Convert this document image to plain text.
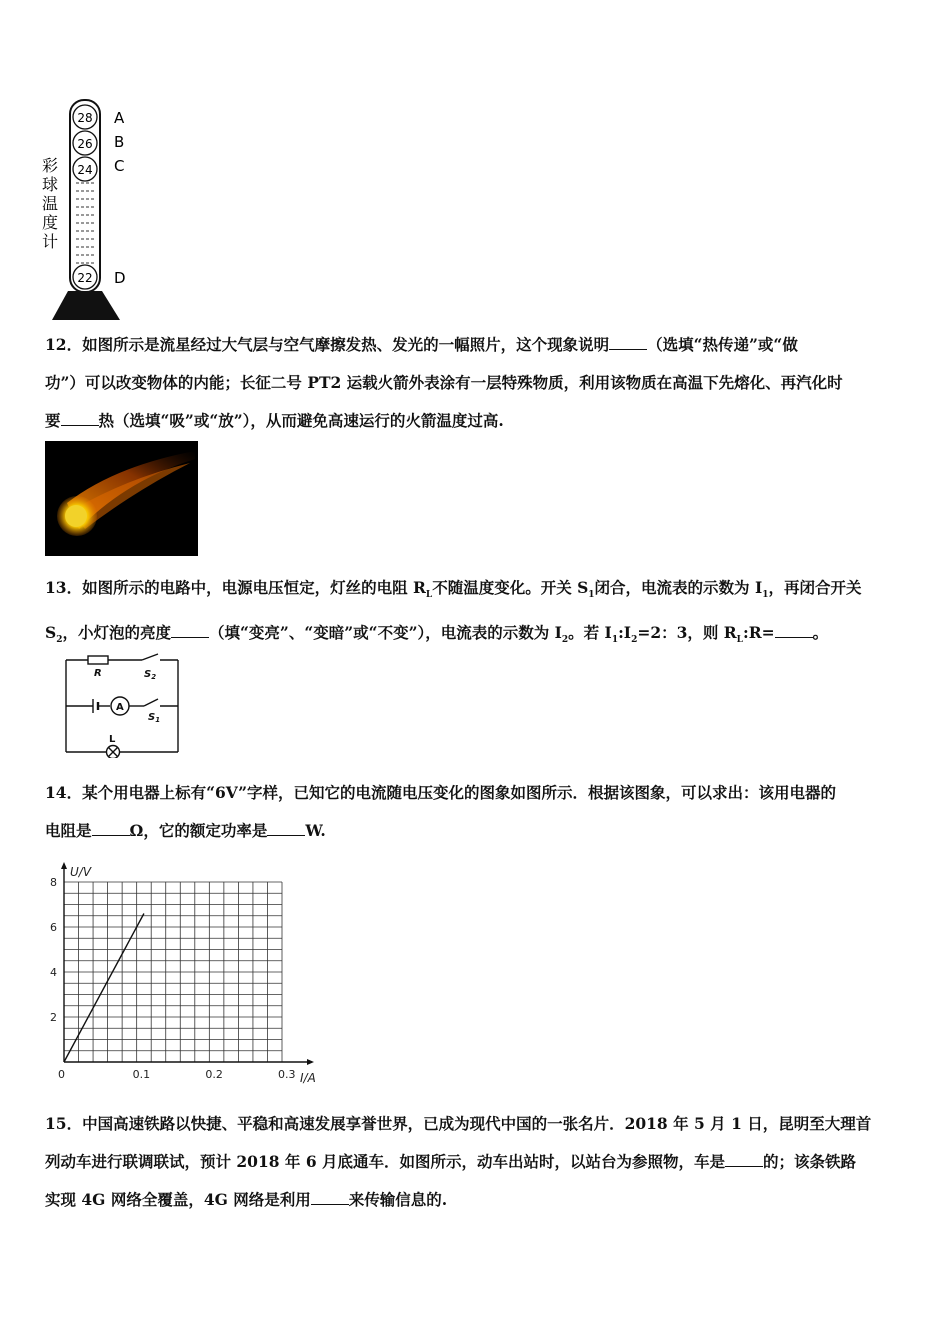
28
26
24
22
A
B
C
D
彩
球
温
度
计
12．如图所示是流星经过大气层与空气摩擦发热、发光的一幅照片，这个现象说明 （选填“热传递”或“做
功”）可以改变物体的内能；长征二号 PT2 运载火箭外表涂有一层特殊物质，利用该物质在高温下先熔化、再汽化时
要 热（选填“吸”或“放”），从而避免高速运行的火箭温度过高.
13．如图所示的电路中，电源电压恒定，灯丝的电阻 $R_L$不随温度变化。开关 $S_1$闭合，电流表的示数为 $I_1$，再闭合开关
$S_2$，小灯泡的亮度 （填“变亮”、“变暗”或“不变”），电流表的示数为 $I_2$。若 $I_1:I_2=2$：3，则 $R_L:R=$ 。
R	$S_2$
A
$S_1$
L
14．某个用电器上标有“6V”字样，已知它的电流随电压变化的图象如图所示．根据该图象，可以求出：该用电器的
电阻是 Ω，它的额定功率是 W.
0	0.1	0.2	0.3
2
4
6
8
I/A
U/V
15．中国高速铁路以快捷、平稳和高速发展享誉世界，已成为现代中国的一张名片．2018 年 5 月 1 日，昆明至大理首
列动车进行联调联试，预计 2018 年 6 月底通车．如图所示，动车出站时，以站台为参照物，车是 的；该条铁路
实现 4G 网络全覆盖，4G 网络是利用 来传输信息的.
